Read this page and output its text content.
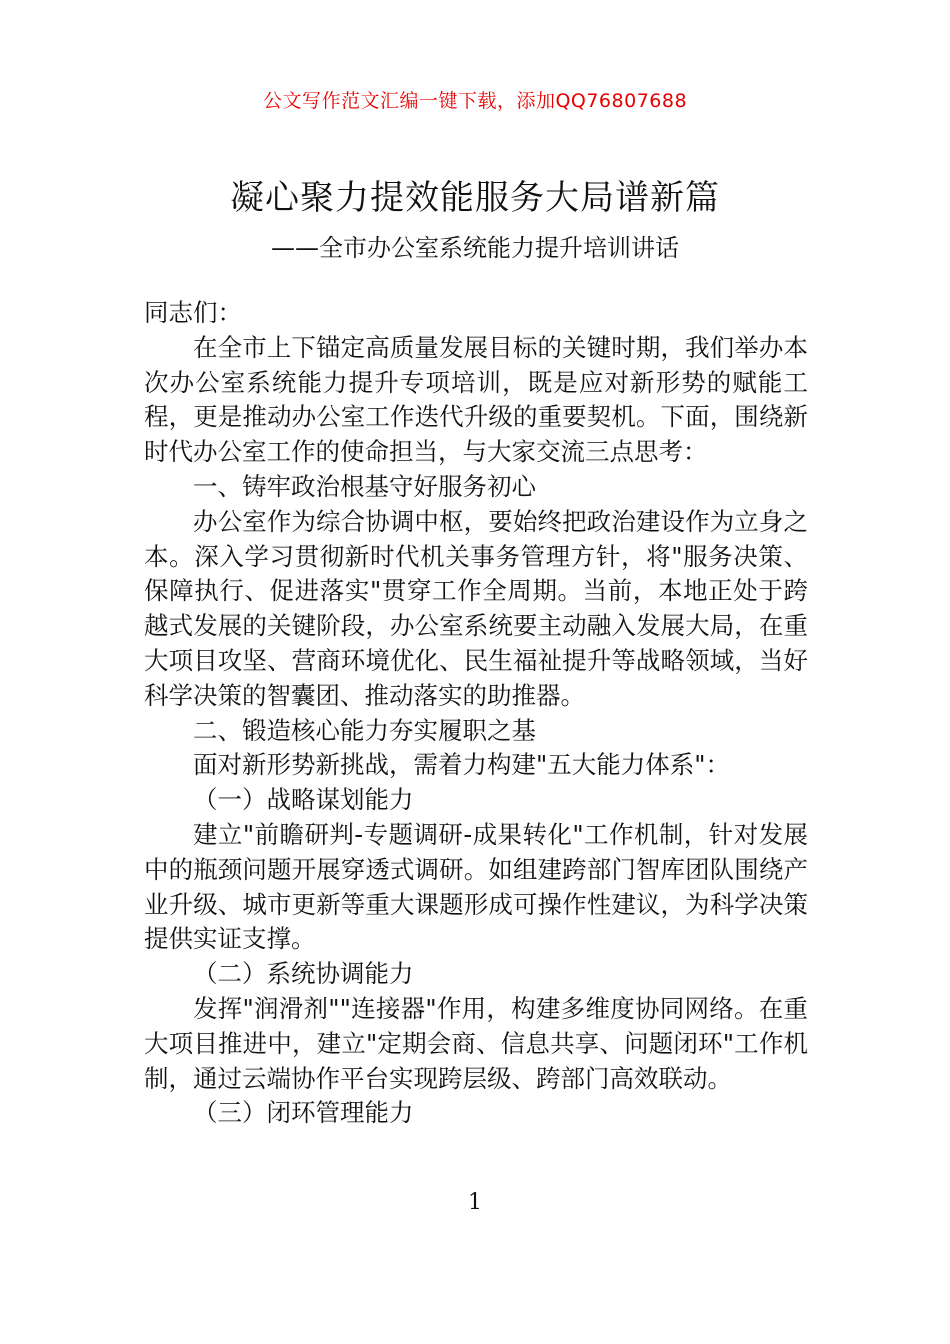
公文写作范文汇编一键下载，添加QQ76807688
凝心聚力提效能服务大局谱新篇
——全市办公室系统能力提升培训讲话

同志们：

在全市上下锚定高质量发展目标的关键时期，我们举办本次办公室系统能力提升专项培训，既是应对新形势的赋能工程，更是推动办公室工作迭代升级的重要契机。下面，围绕新时代办公室工作的使命担当，与大家交流三点思考：

一、铸牢政治根基守好服务初心

办公室作为综合协调中枢，要始终把政治建设作为立身之本。深入学习贯彻新时代机关事务管理方针，将"服务决策、保障执行、促进落实"贯穿工作全周期。当前，本地正处于跨越式发展的关键阶段，办公室系统要主动融入发展大局，在重大项目攻坚、营商环境优化、民生福祉提升等战略领域，当好科学决策的智囊团、推动落实的助推器。

二、锻造核心能力夯实履职之基

面对新形势新挑战，需着力构建"五大能力体系"：

（一）战略谋划能力

建立"前瞻研判-专题调研-成果转化"工作机制，针对发展中的瓶颈问题开展穿透式调研。如组建跨部门智库团队围绕产业升级、城市更新等重大课题形成可操作性建议，为科学决策提供实证支撑。

（二）系统协调能力

发挥"润滑剂""连接器"作用，构建多维度协同网络。在重大项目推进中，建立"定期会商、信息共享、问题闭环"工作机制，通过云端协作平台实现跨层级、跨部门高效联动。

（三）闭环管理能力

1
